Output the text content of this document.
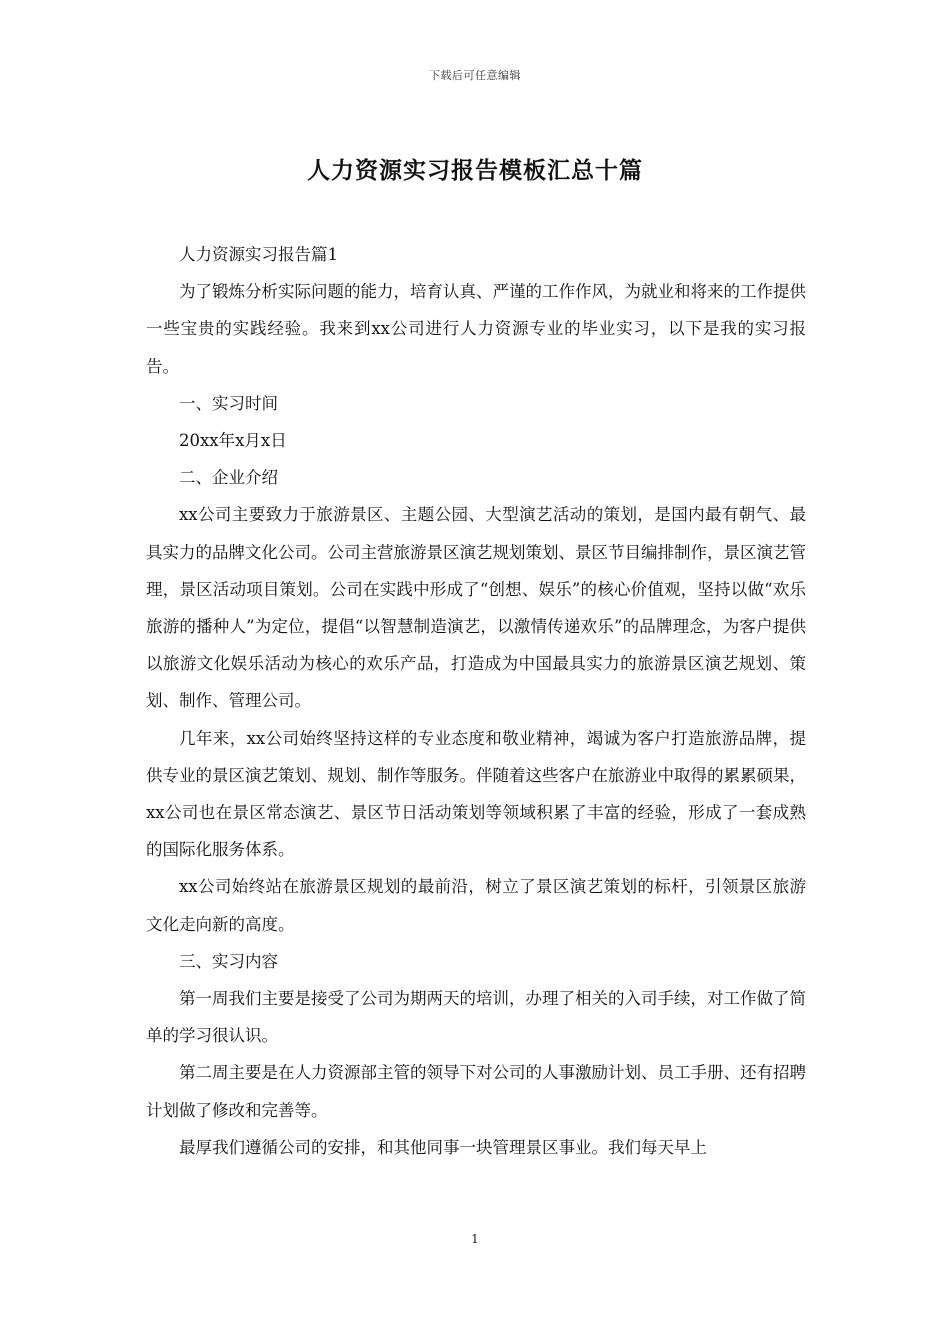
下载后可任意编辑
人力资源实习报告模板汇总十篇

人力资源实习报告篇1

为了锻炼分析实际问题的能力，培育认真、严谨的工作作风，为就业和将来的工作提供一些宝贵的实践经验。我来到xx公司进行人力资源专业的毕业实习，以下是我的实习报告。

一、实习时间

20xx年x月x日

二、企业介绍

xx公司主要致力于旅游景区、主题公园、大型演艺活动的策划，是国内最有朝气、最具实力的品牌文化公司。公司主营旅游景区演艺规划策划、景区节目编排制作，景区演艺管理，景区活动项目策划。公司在实践中形成了“创想、娱乐”的核心价值观，坚持以做“欢乐旅游的播种人”为定位，提倡“以智慧制造演艺，以激情传递欢乐”的品牌理念，为客户提供以旅游文化娱乐活动为核心的欢乐产品，打造成为中国最具实力的旅游景区演艺规划、策划、制作、管理公司。

几年来，xx公司始终坚持这样的专业态度和敬业精神，竭诚为客户打造旅游品牌，提供专业的景区演艺策划、规划、制作等服务。伴随着这些客户在旅游业中取得的累累硕果，xx公司也在景区常态演艺、景区节日活动策划等领域积累了丰富的经验，形成了一套成熟的国际化服务体系。

xx公司始终站在旅游景区规划的最前沿，树立了景区演艺策划的标杆，引领景区旅游文化走向新的高度。

三、实习内容

第一周我们主要是接受了公司为期两天的培训，办理了相关的入司手续，对工作做了简单的学习很认识。

第二周主要是在人力资源部主管的领导下对公司的人事激励计划、员工手册、还有招聘计划做了修改和完善等。

最厚我们遵循公司的安排，和其他同事一块管理景区事业。我们每天早上

1
